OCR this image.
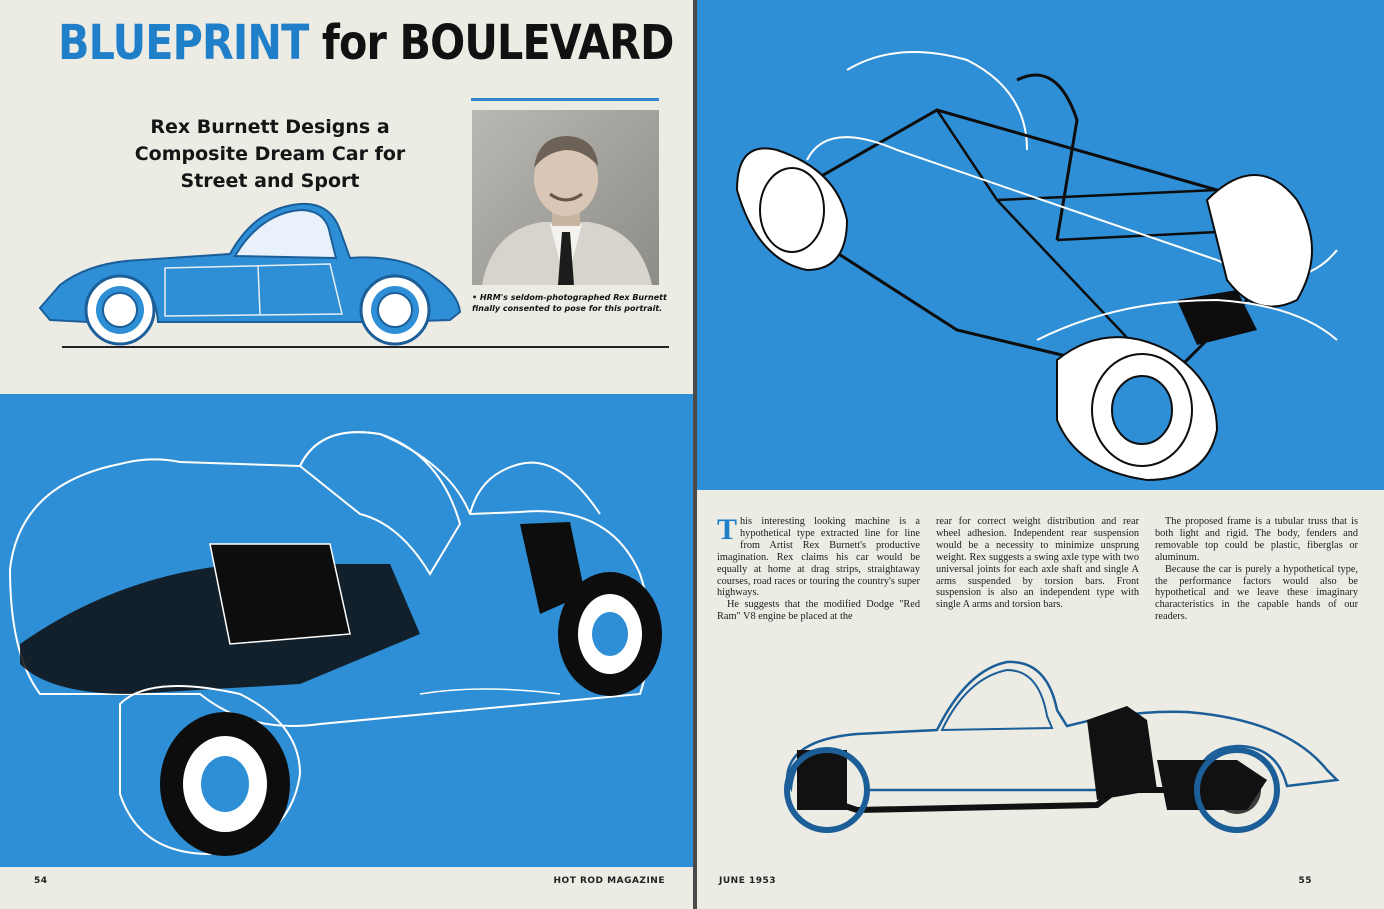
BLUEPRINT for BOULEVARD
Rex Burnett Designs a
Composite Dream Car for
Street and Sport

• HRM's seldom-photographed Rex Burnett
finally consented to pose for this portrait.

54	HOT ROD MAGAZINE

This interesting looking machine is a hypothetical type extracted line for line from Artist Rex Burnett's productive imagination. Rex claims his car would be equally at home at drag strips, straightaway courses, road races or touring the country's super highways.

He suggests that the modified Dodge "Red Ram" V8 engine be placed at the

rear for correct weight distribution and rear wheel adhesion. Independent rear suspension would be a necessity to minimize unsprung weight. Rex suggests a swing axle type with two universal joints for each axle shaft and single A arms suspended by torsion bars. Front suspension is also an independent type with single A arms and torsion bars.

The proposed frame is a tubular truss that is both light and rigid. The body, fenders and removable top could be plastic, fiberglas or aluminum.

Because the car is purely a hypothetical type, the performance factors would also be hypothetical and we leave these imaginary characteristics in the capable hands of our readers.

JUNE 1953	55
